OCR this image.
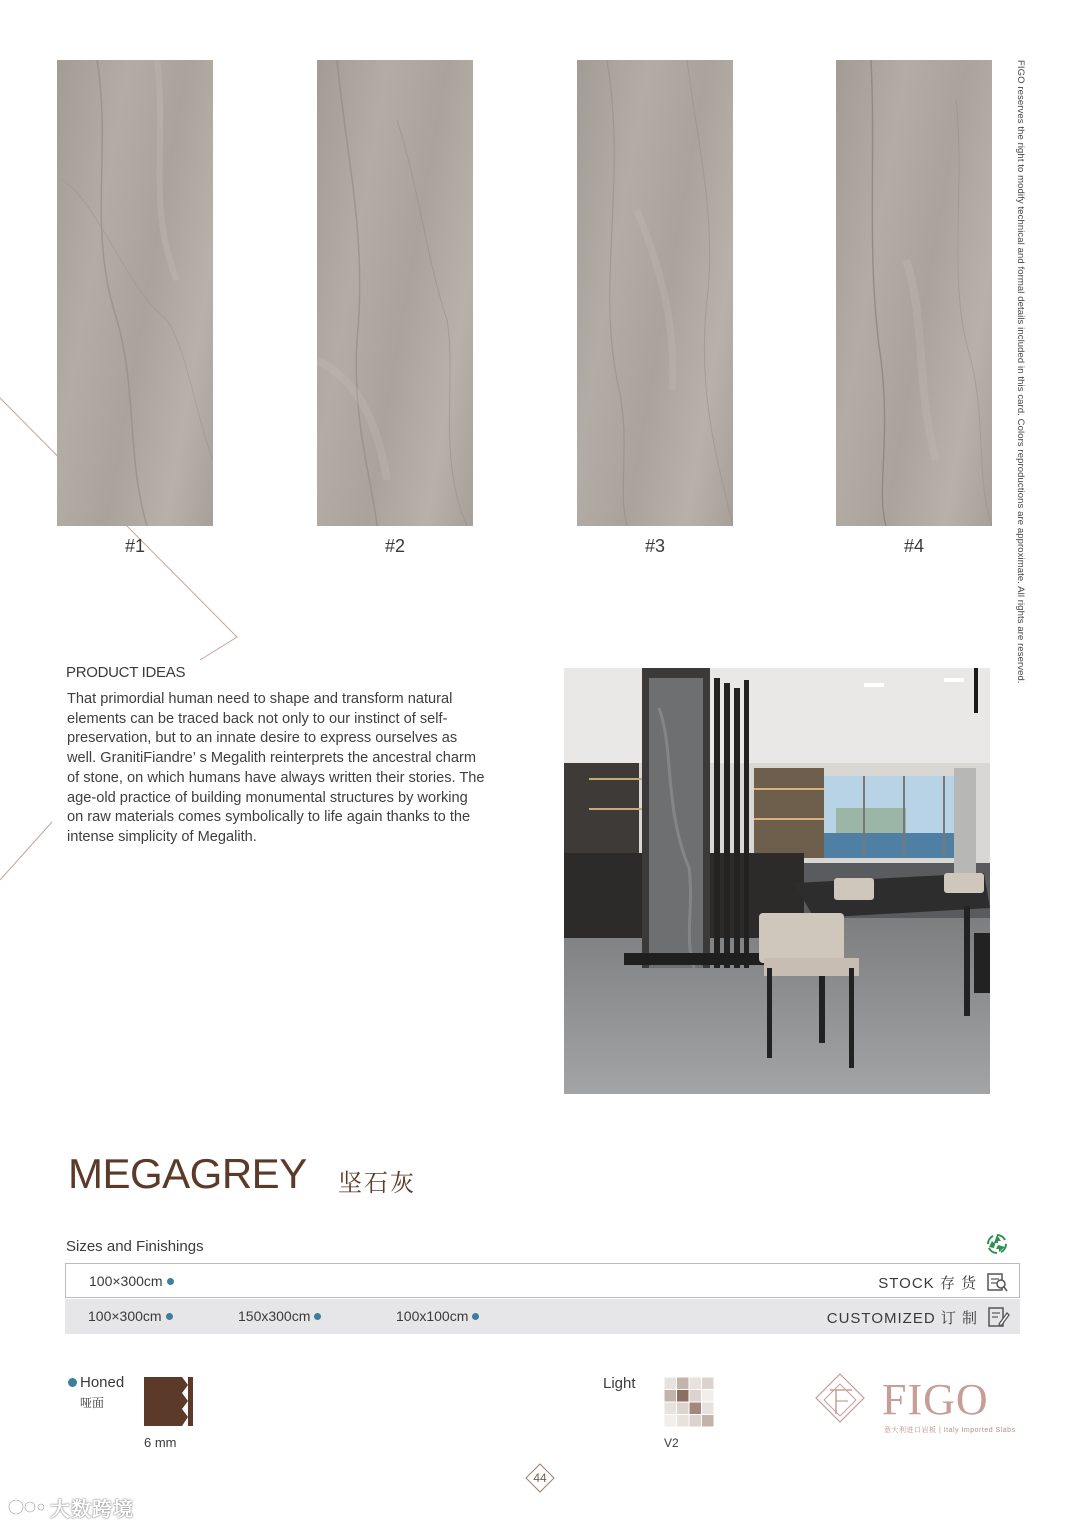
#1	#2	#3	#4	FIGO reserves the right to modify technical and formal details included in this card. Colors reproductions are approximate. All rights are reserved.
PRODUCT IDEAS
That primordial human need to shape and transform natural elements can be traced back not only to our instinct of self-preservation, but to an innate desire to express ourselves as well. GranitiFiandre’ s Megalith reinterprets the ancestral charm of stone, on which humans have always written their stories. The age-old practice of building monumental structures by working on raw materials comes symbolically to life again thanks to the intense simplicity of Megalith.
MEGAGREY 坚石灰
Sizes and Finishings
100×300cm	STOCK 存 货
100×300cm	150x300cm	100x100cm	CUSTOMIZED 订 制
Honed
哑面
6 mm
Light
V2
FIGO
意大利进口岩板 | Italy Imported Slabs
44
大数跨境
